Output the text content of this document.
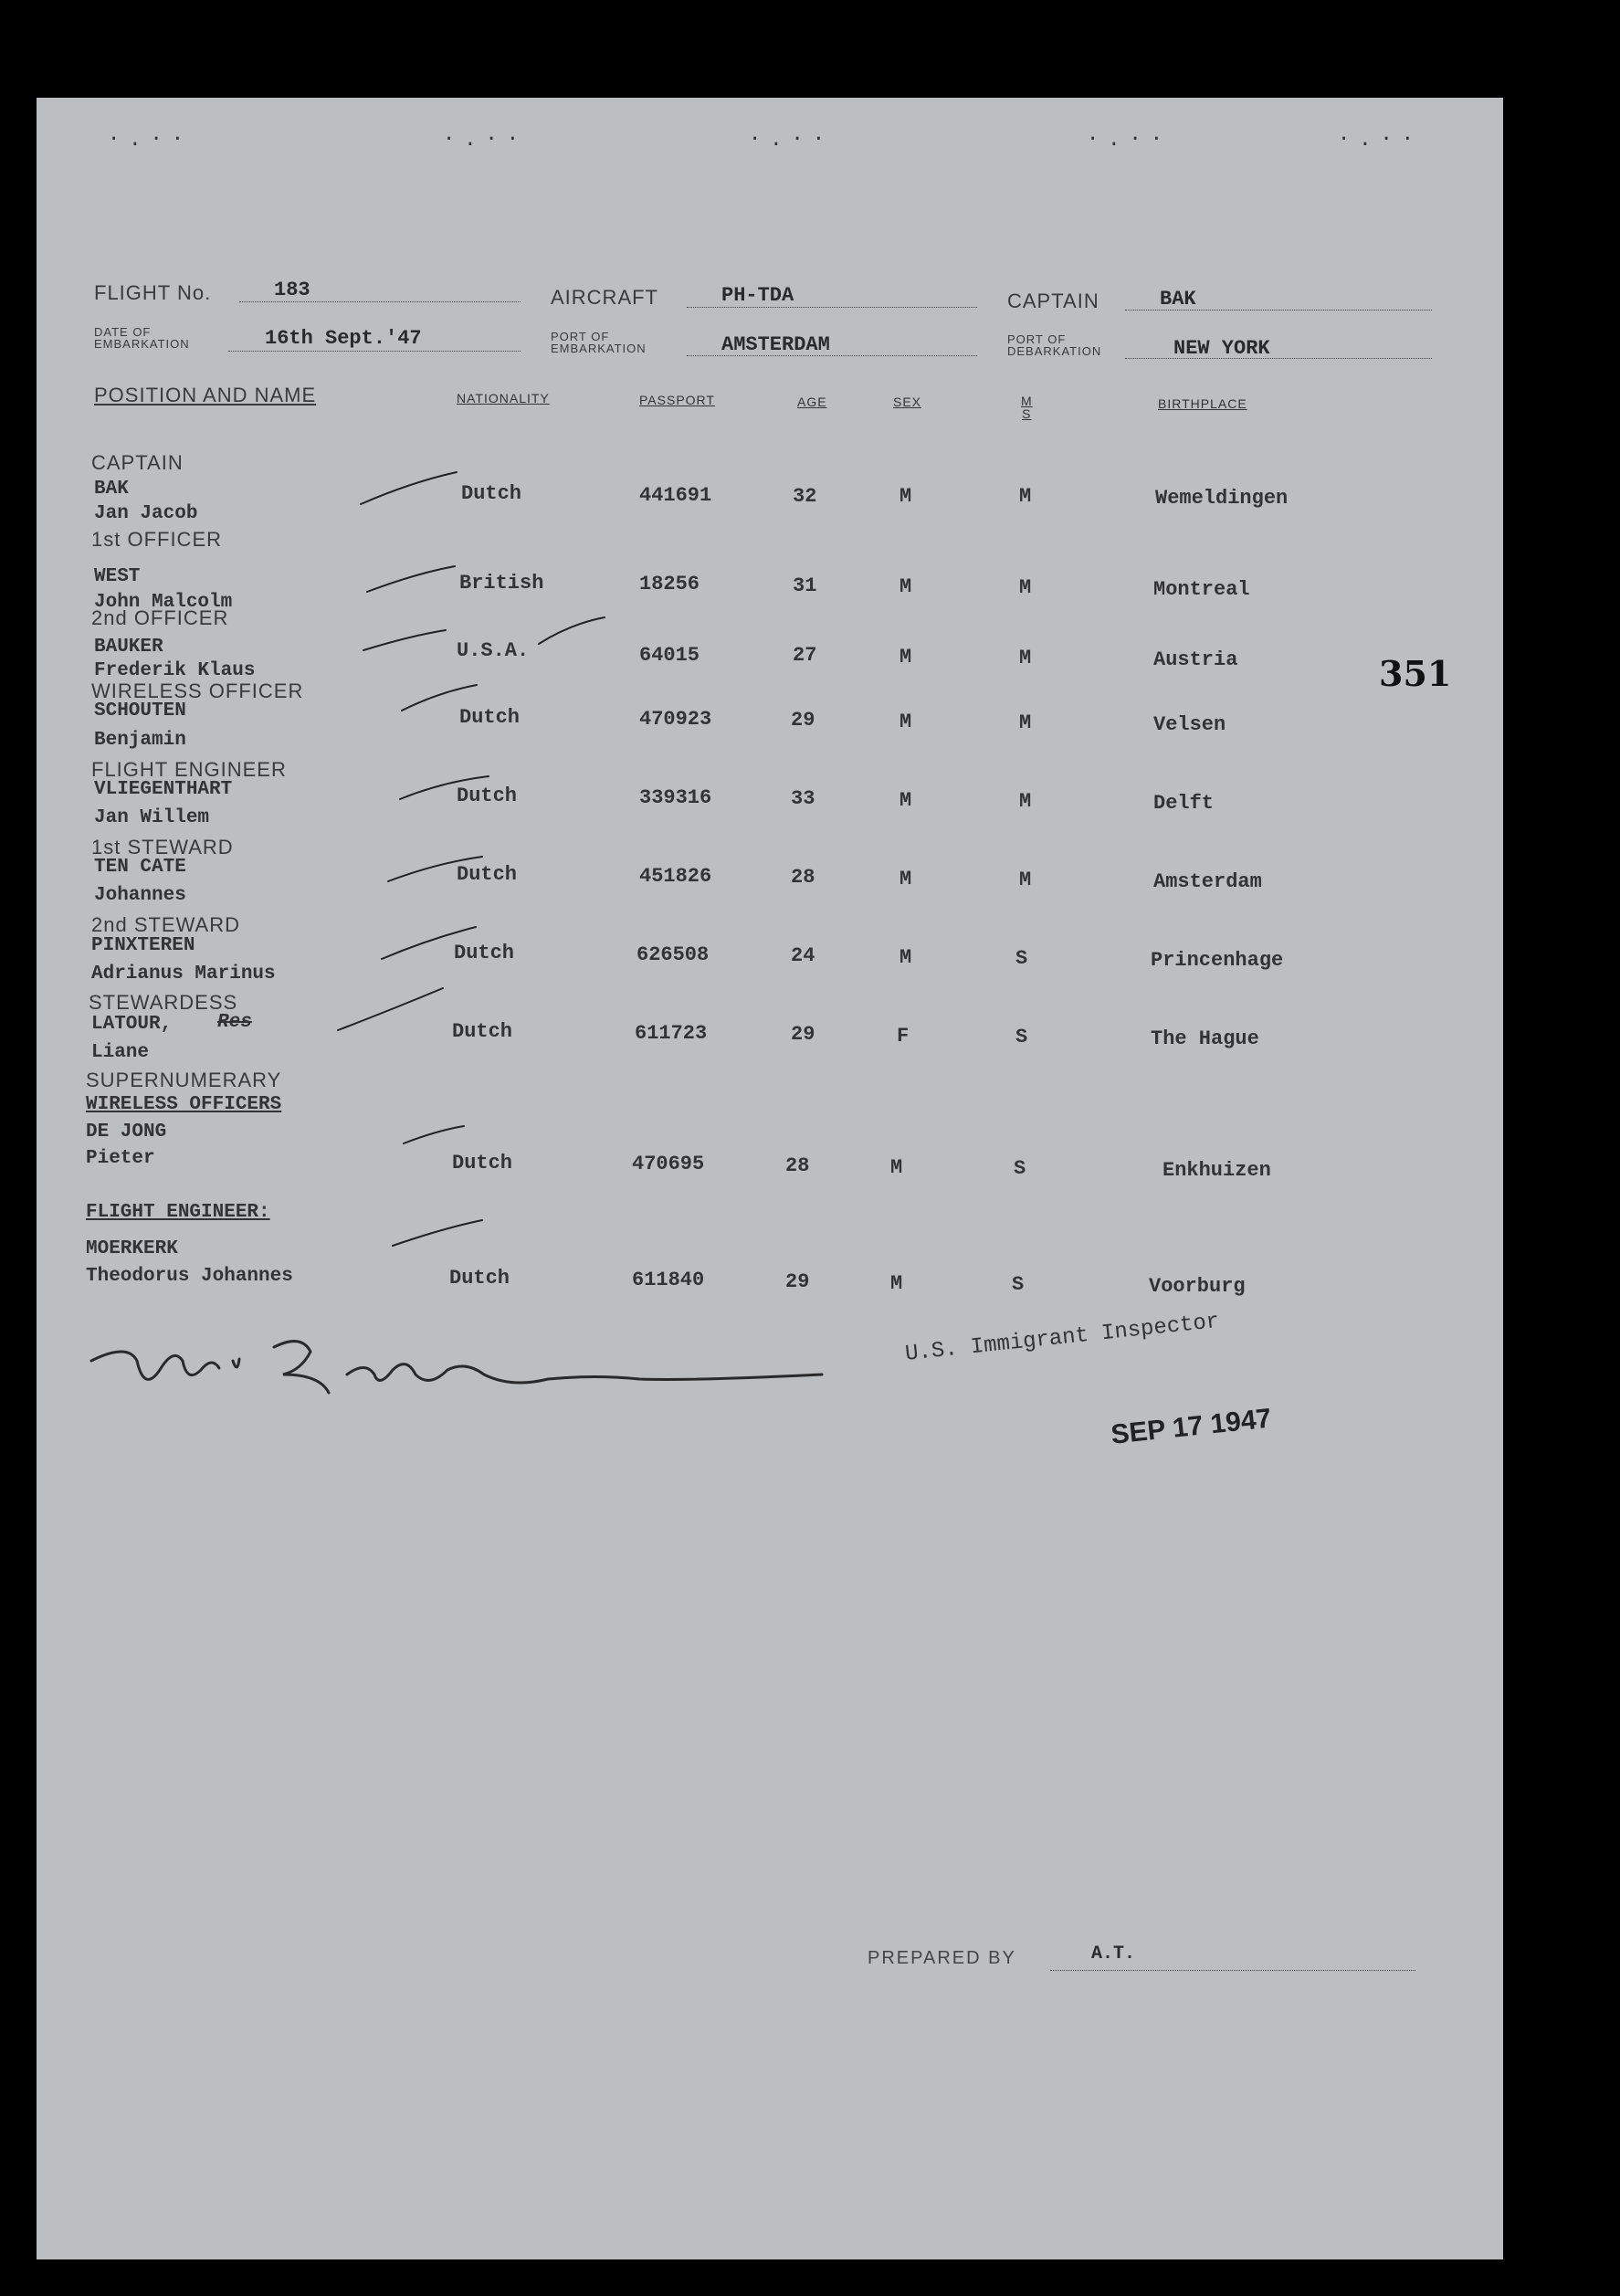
·.··	·.··	·.··	·.··	·.··
FLIGHT No.	183	AIRCRAFT	PH-TDA	CAPTAIN	BAK
DATE OF
EMBARKATION	16th Sept.'47	PORT OF
EMBARKATION	AMSTERDAM	PORT OF
DEBARKATION	NEW YORK
POSITION AND NAME	NATIONALITY	PASSPORT	AGE	SEX	M
S
BIRTHPLACE
CAPTAIN
BAK
Jan Jacob
Dutch	441691	32	M	M	Wemeldingen
1st OFFICER
WEST
John Malcolm
British	18256	31	M	M	Montreal
2nd OFFICER
BAUKER
Frederik Klaus
U.S.A.	64015	27	M	M	Austria
WIRELESS OFFICER
SCHOUTEN
Benjamin
Dutch	470923	29	M	M	Velsen
FLIGHT ENGINEER
VLIEGENTHART
Jan Willem
Dutch	339316	33	M	M	Delft
1st STEWARD
TEN CATE
Johannes
Dutch	451826	28	M	M	Amsterdam
2nd STEWARD
PINXTEREN
Adrianus Marinus
Dutch	626508	24	M	S	Princenhage
STEWARDESS
LATOUR, Res
Liane
Dutch	611723	29	F	S	The Hague
SUPERNUMERARY
WIRELESS OFFICERS
DE JONG
Pieter	Dutch	470695	28	M	S	Enkhuizen
FLIGHT ENGINEER:
MOERKERK
Theodorus Johannes	Dutch	611840	29	M	S	Voorburg
351
U.S. Immigrant Inspector
SEP 17 1947
PREPARED BY	A.T.
